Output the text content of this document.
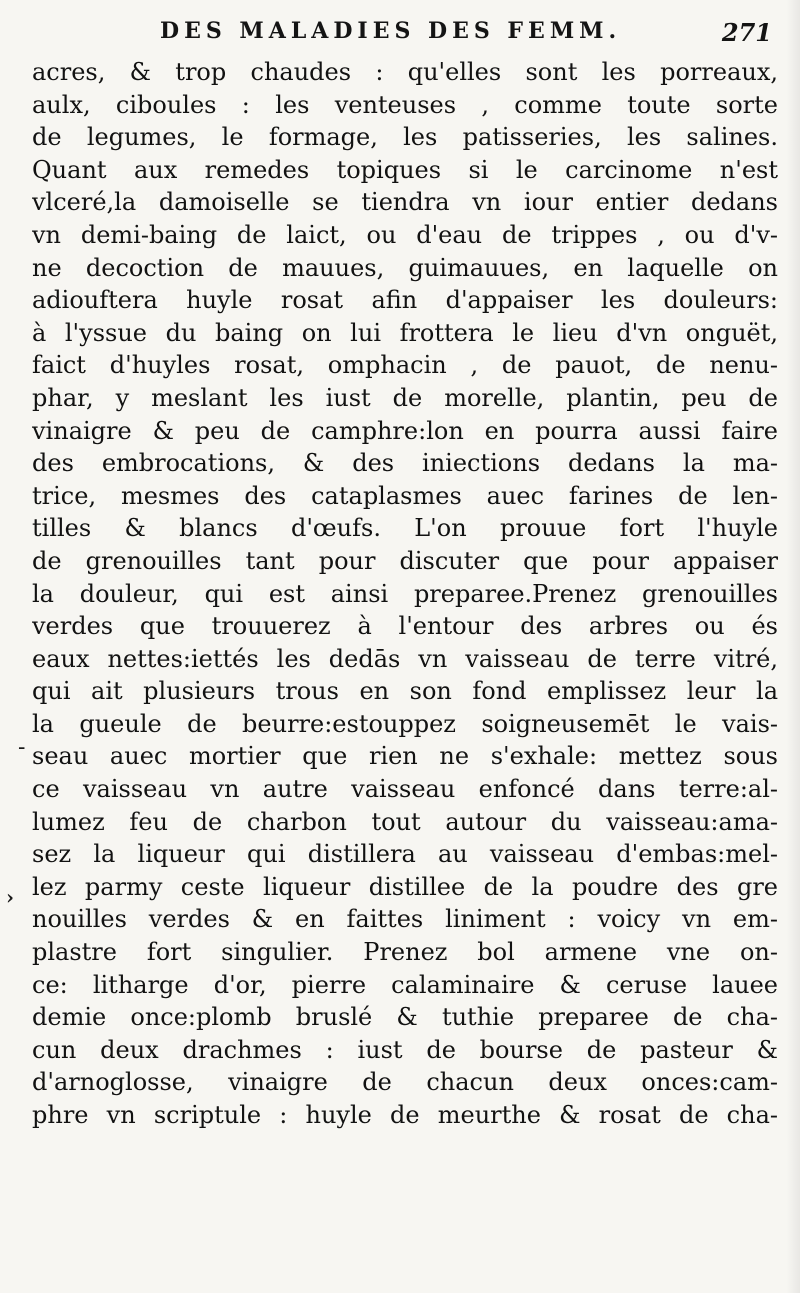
DES MALADIES DES FEMM.	271
acres, & trop chaudes : qu'elles sont les porreaux,
aulx, ciboules : les venteuses , comme toute sorte
de legumes, le formage, les patisseries, les salines.
Quant aux remedes topiques si le carcinome n'est
vlceré,la damoiselle se tiendra vn iour entier dedans
vn demi-baing de laict, ou d'eau de trippes , ou d'v-
ne decoction de mauues, guimauues, en laquelle on
adiouftera huyle rosat afin d'appaiser les douleurs:
à l'yssue du baing on lui frottera le lieu d'vn onguët,
faict d'huyles rosat, omphacin , de pauot, de nenu-
phar, y meslant les iust de morelle, plantin, peu de
vinaigre & peu de camphre:lon en pourra aussi faire
des embrocations, & des iniections dedans la ma-
trice, mesmes des cataplasmes auec farines de len-
tilles & blancs d'œufs. L'on prouue fort l'huyle
de grenouilles tant pour discuter que pour appaiser
la douleur, qui est ainsi preparee.Prenez grenouilles
verdes que trouuerez à l'entour des arbres ou és
eaux nettes:iettés les dedās vn vaisseau de terre vitré,
qui ait plusieurs trous en son fond emplissez leur la
la gueule de beurre:estouppez soigneusemēt le vais-
seau auec mortier que rien ne s'exhale: mettez sous
ce vaisseau vn autre vaisseau enfoncé dans terre:al-
lumez feu de charbon tout autour du vaisseau:ama-
sez la liqueur qui distillera au vaisseau d'embas:mel-
lez parmy ceste liqueur distillee de la poudre des gre
nouilles verdes & en faittes liniment : voicy vn em-
plastre fort singulier. Prenez bol armene vne on-
ce: litharge d'or, pierre calaminaire & ceruse lauee
demie once:plomb bruslé & tuthie preparee de cha-
cun deux drachmes : iust de bourse de pasteur &
d'arnoglosse, vinaigre de chacun deux onces:cam-
phre vn scriptule : huyle de meurthe & rosat de cha-
-
›
